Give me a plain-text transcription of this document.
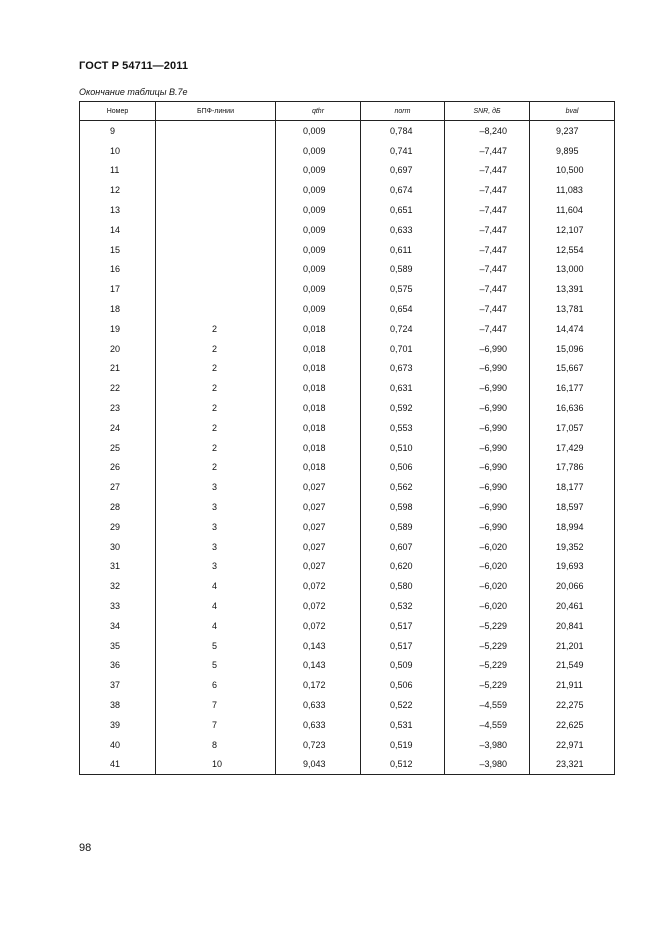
ГОСТ Р 54711—2011
Окончание таблицы В.7е
Номер	БПФ-линии	qthr	norm	SNR, дБ	bval
9		0,009	0,784	–8,240	9,237
10		0,009	0,741	–7,447	9,895
11		0,009	0,697	–7,447	10,500
12		0,009	0,674	–7,447	11,083
13		0,009	0,651	–7,447	11,604
14		0,009	0,633	–7,447	12,107
15		0,009	0,611	–7,447	12,554
16		0,009	0,589	–7,447	13,000
17		0,009	0,575	–7,447	13,391
18		0,009	0,654	–7,447	13,781
19	2	0,018	0,724	–7,447	14,474
20	2	0,018	0,701	–6,990	15,096
21	2	0,018	0,673	–6,990	15,667
22	2	0,018	0,631	–6,990	16,177
23	2	0,018	0,592	–6,990	16,636
24	2	0,018	0,553	–6,990	17,057
25	2	0,018	0,510	–6,990	17,429
26	2	0,018	0,506	–6,990	17,786
27	3	0,027	0,562	–6,990	18,177
28	3	0,027	0,598	–6,990	18,597
29	3	0,027	0,589	–6,990	18,994
30	3	0,027	0,607	–6,020	19,352
31	3	0,027	0,620	–6,020	19,693
32	4	0,072	0,580	–6,020	20,066
33	4	0,072	0,532	–6,020	20,461
34	4	0,072	0,517	–5,229	20,841
35	5	0,143	0,517	–5,229	21,201
36	5	0,143	0,509	–5,229	21,549
37	6	0,172	0,506	–5,229	21,911
38	7	0,633	0,522	–4,559	22,275
39	7	0,633	0,531	–4,559	22,625
40	8	0,723	0,519	–3,980	22,971
41	10	9,043	0,512	–3,980	23,321
98
